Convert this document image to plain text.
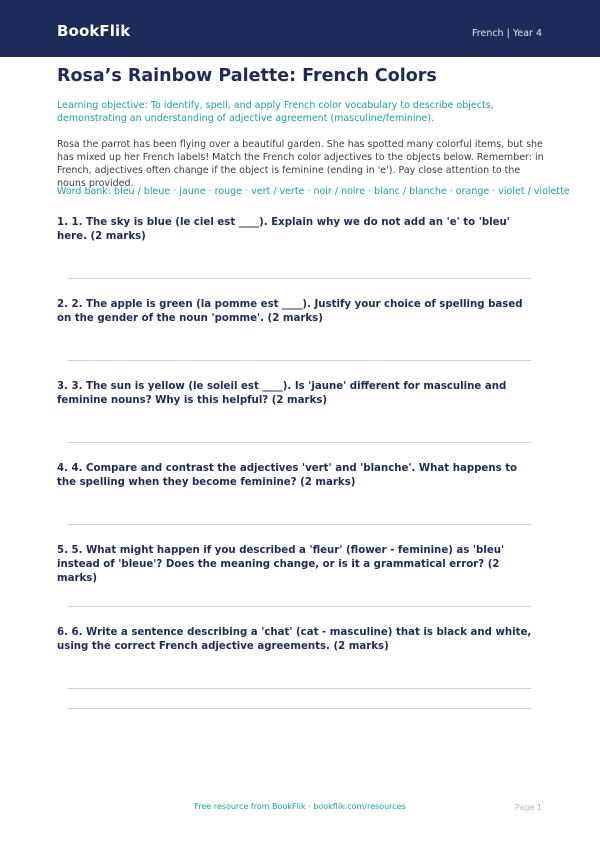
BookFlik	French | Year 4
Rosa’s Rainbow Palette: French Colors

Learning objective: To identify, spell, and apply French color vocabulary to describe objects, demonstrating an understanding of adjective agreement (masculine/feminine).

Rosa the parrot has been flying over a beautiful garden. She has spotted many colorful items, but she has mixed up her French labels! Match the French color adjectives to the objects below. Remember: in French, adjectives often change if the object is feminine (ending in 'e'). Pay close attention to the nouns provided.

Word bank: bleu / bleue · jaune · rouge · vert / verte · noir / noire · blanc / blanche · orange · violet / violette

1. 1. The sky is blue (le ciel est ____). Explain why we do not add an 'e' to 'bleu' here. (2 marks)

2. 2. The apple is green (la pomme est ____). Justify your choice of spelling based on the gender of the noun 'pomme'. (2 marks)

3. 3. The sun is yellow (le soleil est ____). Is 'jaune' different for masculine and feminine nouns? Why is this helpful? (2 marks)

4. 4. Compare and contrast the adjectives 'vert' and 'blanche'. What happens to the spelling when they become feminine? (2 marks)

5. 5. What might happen if you described a 'fleur' (flower - feminine) as 'bleu' instead of 'bleue'? Does the meaning change, or is it a grammatical error? (2 marks)

6. 6. Write a sentence describing a 'chat' (cat - masculine) that is black and white, using the correct French adjective agreements. (2 marks)

Free resource from BookFlik · bookflik.com/resources	Page 1
